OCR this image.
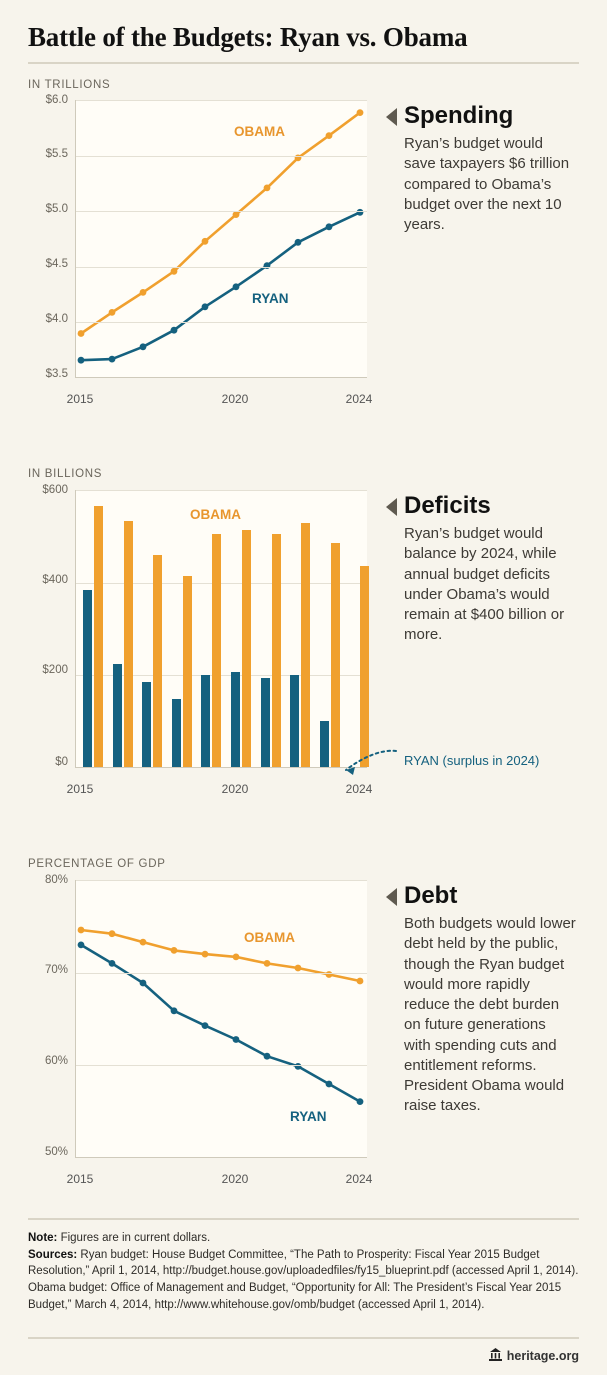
Battle of the Budgets: Ryan vs. Obama
IN TRILLIONS
$6.0
$5.5
$5.0
$4.5
$4.0
$3.5
OBAMA
RYAN
2015	2020	2024
Spending

Ryan’s budget would save taxpayers $6 trillion compared to Obama’s budget over the next 10 years.

IN BILLIONS
$600
$400
$200
$0
OBAMA
RYAN (surplus in 2024)
2015	2020	2024
Deficits

Ryan’s budget would balance by 2024, while annual budget deficits under Obama’s would remain at $400 billion or more.

PERCENTAGE OF GDP
80%
70%
60%
50%
OBAMA
RYAN
2015	2020	2024
Debt

Both budgets would lower debt held by the public, though the Ryan budget would more rapidly reduce the debt burden on future generations with spending cuts and entitlement reforms. President Obama would raise taxes.

Note: Figures are in current dollars.
Sources: Ryan budget: House Budget Committee, “The Path to Prosperity: Fiscal Year 2015 Budget Resolution,” April 1, 2014, http://budget.house.gov/uploadedfiles/fy15_blueprint.pdf (accessed April 1, 2014). Obama budget: Office of Management and Budget, “Opportunity for All: The President’s Fiscal Year 2015 Budget,” March 4, 2014, http://www.whitehouse.gov/omb/budget (accessed April 1, 2014).
heritage.org
